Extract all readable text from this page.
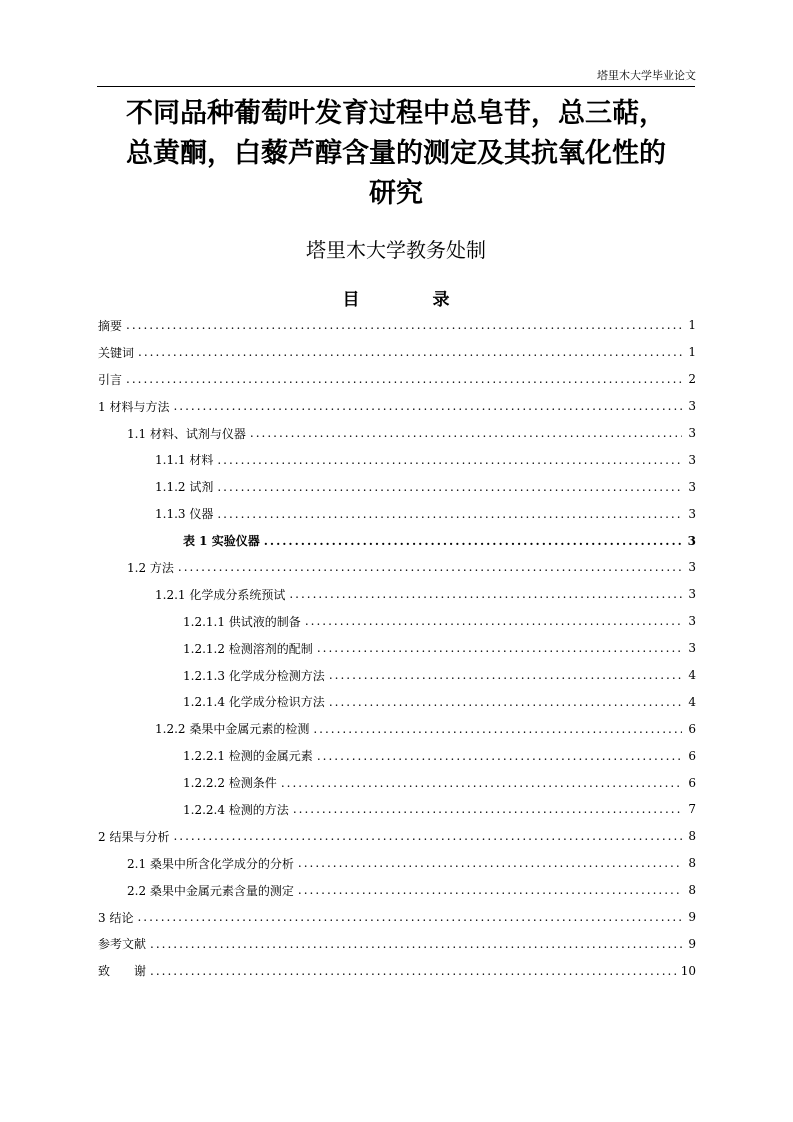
塔里木大学毕业论文
不同品种葡萄叶发育过程中总皂苷，总三萜，
总黄酮，白藜芦醇含量的测定及其抗氧化性的
研究
塔里木大学教务处制
目　录
摘要 .....	1
关键词 .....	1
引言 .....	2
1 材料与方法 .....	3
1.1 材料、试剂与仪器 .....	3
1.1.1 材料 .....	3
1.1.2 试剂 .....	3
1.1.3 仪器 .....	3
表 1 实验仪器 .....	3
1.2 方法 .....	3
1.2.1 化学成分系统预试 .....	3
1.2.1.1 供试液的制备 .....	3
1.2.1.2 检测溶剂的配制 .....	3
1.2.1.3 化学成分检测方法 .....	4
1.2.1.4 化学成分检识方法 .....	4
1.2.2 桑果中金属元素的检测 .....	6
1.2.2.1 检测的金属元素 .....	6
1.2.2.2 检测条件 .....	6
1.2.2.4 检测的方法 .....	7
2 结果与分析 .....	8
2.1 桑果中所含化学成分的分析 .....	8
2.2 桑果中金属元素含量的测定 .....	8
3 结论 .....	9
参考文献 .....	9
致　　谢 .....	10
